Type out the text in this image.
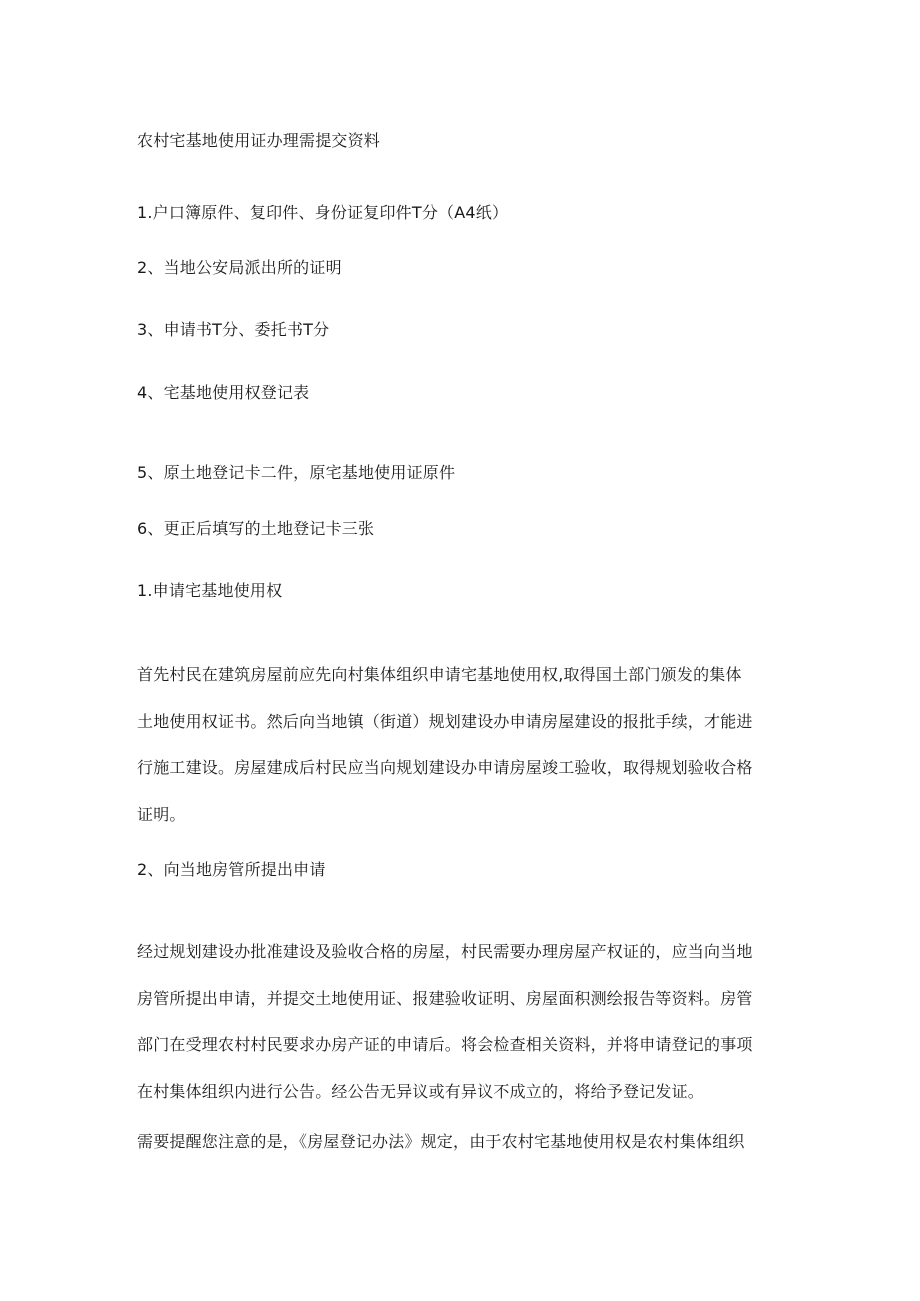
农村宅基地使用证办理需提交资料
1.户口簿原件、复印件、身份证复印件T分（A4纸）
2、当地公安局派出所的证明
3、申请书T分、委托书T分
4、宅基地使用权登记表
5、原土地登记卡二件，原宅基地使用证原件
6、更正后填写的土地登记卡三张
1.申请宅基地使用权
首先村民在建筑房屋前应先向村集体组织申请宅基地使用权,取得国土部门颁发的集体
土地使用权证书。然后向当地镇（街道）规划建设办申请房屋建设的报批手续，才能进
行施工建设。房屋建成后村民应当向规划建设办申请房屋竣工验收，取得规划验收合格
证明。
2、向当地房管所提出申请
经过规划建设办批准建设及验收合格的房屋，村民需要办理房屋产权证的，应当向当地
房管所提出申请，并提交土地使用证、报建验收证明、房屋面积测绘报告等资料。房管
部门在受理农村村民要求办房产证的申请后。将会检查相关资料，并将申请登记的事项
在村集体组织内进行公告。经公告无异议或有异议不成立的，将给予登记发证。
需要提醒您注意的是，《房屋登记办法》规定，由于农村宅基地使用权是农村集体组织
